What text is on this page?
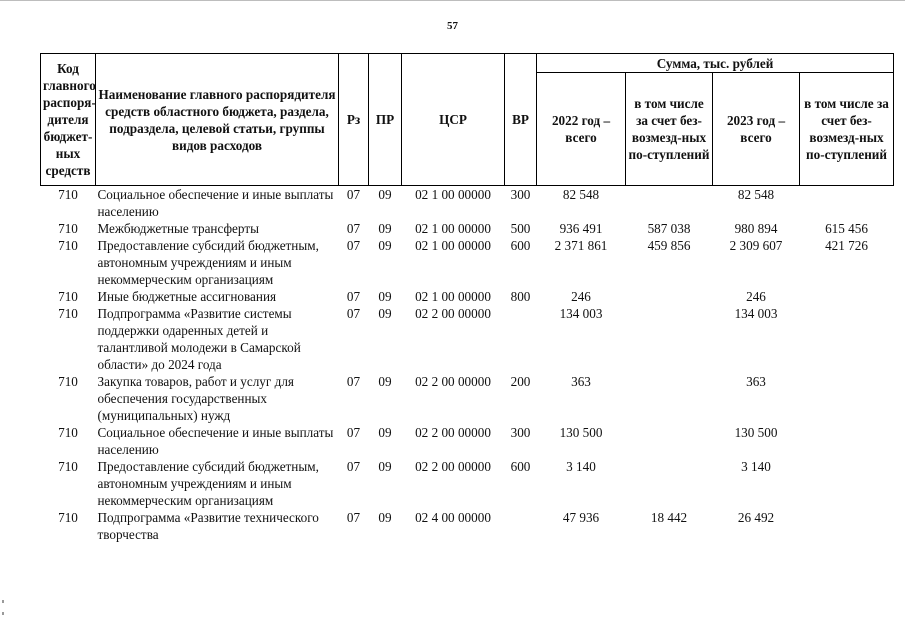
57
Код главного распоря-дителя бюджет-ных средств	Наименование главного распорядителя средств областного бюджета, раздела, подраздела, целевой статьи, группы видов расходов	Рз	ПР	ЦСР	ВР	Сумма, тыс. рублей			
						2022 год – всего	в том числе за счет без-возмезд-ных по-ступлений	2023 год – всего	в том числе за счет без-возмезд-ных по-ступлений
710	Социальное обеспечение и иные выплаты населению	07	09	02 1 00 00000	300	82 548		82 548	
710	Межбюджетные трансферты	07	09	02 1 00 00000	500	936 491	587 038	980 894	615 456
710	Предоставление субсидий бюджетным, автономным учреждениям и иным некоммерческим организациям	07	09	02 1 00 00000	600	2 371 861	459 856	2 309 607	421 726
710	Иные бюджетные ассигнования	07	09	02 1 00 00000	800	246		246	
710	Подпрограмма «Развитие системы поддержки одаренных детей и талантливой молодежи в Самарской области» до 2024 года	07	09	02 2 00 00000		134 003		134 003	
710	Закупка товаров, работ и услуг для обеспечения государственных (муниципальных) нужд	07	09	02 2 00 00000	200	363		363	
710	Социальное обеспечение и иные выплаты населению	07	09	02 2 00 00000	300	130 500		130 500	
710	Предоставление субсидий бюджетным, автономным учреждениям и иным некоммерческим организациям	07	09	02 2 00 00000	600	3 140		3 140	
710	Подпрограмма «Развитие технического творчества	07	09	02 4 00 00000		47 936	18 442	26 492	
